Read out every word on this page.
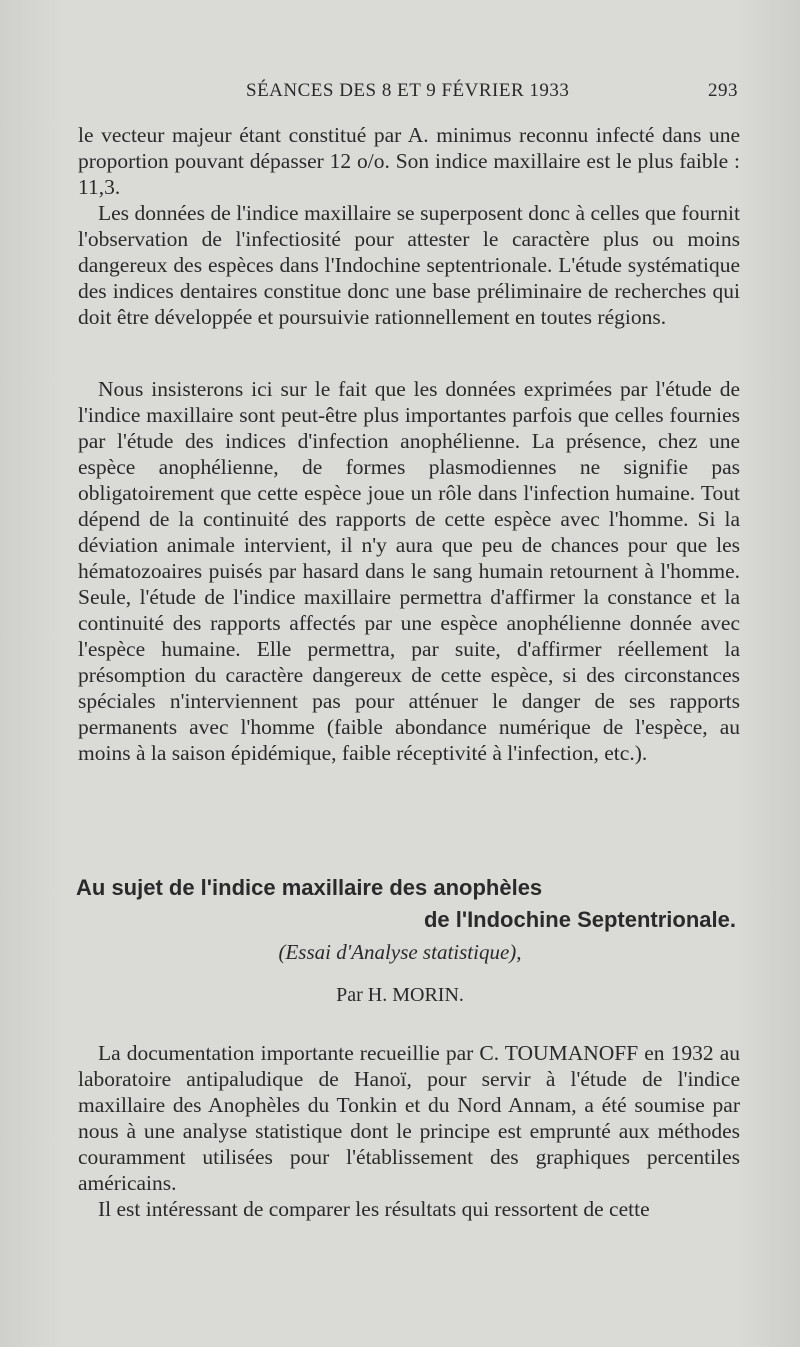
SÉANCES DES 8 ET 9 FÉVRIER 1933	293

le vecteur majeur étant constitué par A. minimus reconnu infecté dans une proportion pouvant dépasser 12 o/o. Son indice maxillaire est le plus faible : 11,3.

Les données de l'indice maxillaire se superposent donc à celles que fournit l'observation de l'infectiosité pour attester le caractère plus ou moins dangereux des espèces dans l'Indochine septentrionale. L'étude systématique des indices dentaires constitue donc une base préliminaire de recherches qui doit être développée et poursuivie rationnellement en toutes régions.

Nous insisterons ici sur le fait que les données exprimées par l'étude de l'indice maxillaire sont peut-être plus importantes parfois que celles fournies par l'étude des indices d'infection anophélienne. La présence, chez une espèce anophélienne, de formes plasmodiennes ne signifie pas obligatoirement que cette espèce joue un rôle dans l'infection humaine. Tout dépend de la continuité des rapports de cette espèce avec l'homme. Si la déviation animale intervient, il n'y aura que peu de chances pour que les hématozoaires puisés par hasard dans le sang humain retournent à l'homme. Seule, l'étude de l'indice maxillaire permettra d'affirmer la constance et la continuité des rapports affectés par une espèce anophélienne donnée avec l'espèce humaine. Elle permettra, par suite, d'affirmer réellement la présomption du caractère dangereux de cette espèce, si des circonstances spéciales n'interviennent pas pour atténuer le danger de ses rapports permanents avec l'homme (faible abondance numérique de l'espèce, au moins à la saison épidémique, faible réceptivité à l'infection, etc.).

Au sujet de l'indice maxillaire des anophèles
de l'Indochine Septentrionale.
(Essai d'Analyse statistique),
Par H. MORIN.

La documentation importante recueillie par C. TOUMANOFF en 1932 au laboratoire antipaludique de Hanoï, pour servir à l'étude de l'indice maxillaire des Anophèles du Tonkin et du Nord Annam, a été soumise par nous à une analyse statistique dont le principe est emprunté aux méthodes couramment utilisées pour l'établissement des graphiques percentiles américains.

Il est intéressant de comparer les résultats qui ressortent de cette
